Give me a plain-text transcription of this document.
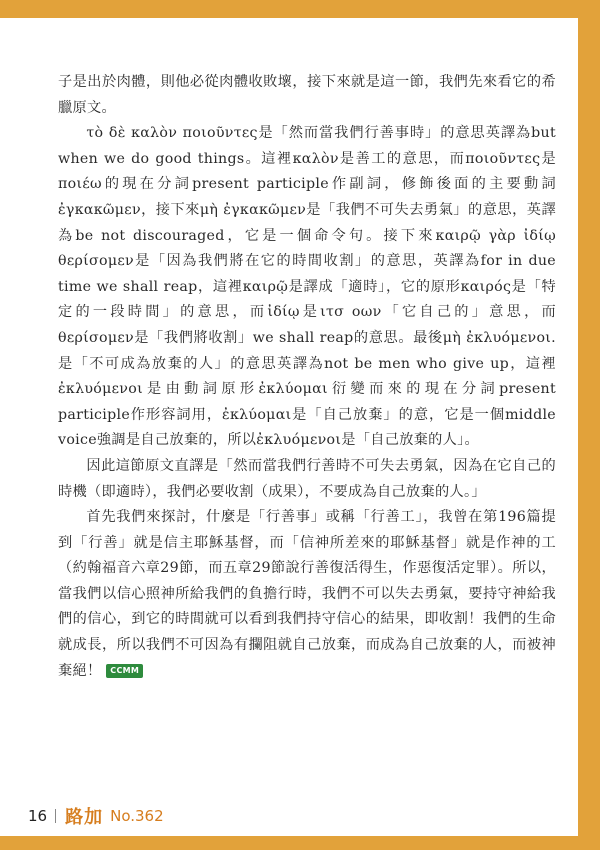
子是出於肉體，則他必從肉體收敗壞，接下來就是這一節，我們先來看它的希臘原文。

τὸ δὲ καλὸν ποιοῦντες是「然而當我們行善事時」的意思英譯為but when we do good things。這裡καλὸν是善工的意思，而ποιοῦντες是ποιέω的現在分詞present participle作副詞，修飾後面的主要動詞ἐγκακῶμεν，接下來μὴ ἐγκακῶμεν是「我們不可失去勇氣」的意思，英譯為be not discouraged，它是一個命令句。接下來καιρῷ γὰρ ἰδίῳ θερίσομεν是「因為我們將在它的時間收割」的意思，英譯為for in due time we shall reap，這裡καιρῷ是譯成「適時」，它的原形καιρός是「特定的一段時間」的意思，而ἰδίῳ是ιτσ οων「它自己的」意思，而θερίσομεν是「我們將收割」we shall reap的意思。最後μὴ ἐκλυόμενοι.是「不可成為放棄的人」的意思英譯為not be men who give up，這裡ἐκλυόμενοι是由動詞原形ἐκλύομαι衍變而來的現在分詞present participle作形容詞用，ἐκλύομαι是「自己放棄」的意，它是一個middle voice強調是自己放棄的，所以ἐκλυόμενοι是「自己放棄的人」。

因此這節原文直譯是「然而當我們行善時不可失去勇氣，因為在它自己的時機（即適時），我們必要收割（成果），不要成為自己放棄的人。」

首先我們來探討，什麼是「行善事」或稱「行善工」，我曾在第196篇提到「行善」就是信主耶穌基督，而「信神所差來的耶穌基督」就是作神的工（約翰福音六章29節，而五章29節說行善復活得生，作惡復活定罪）。所以，當我們以信心照神所給我們的負擔行時，我們不可以失去勇氣，要持守神給我們的信心，到它的時間就可以看到我們持守信心的結果，即收割！我們的生命就成長，所以我們不可因為有攔阻就自己放棄，而成為自己放棄的人，而被神棄絕！ CCMM

16 路加 No.362
